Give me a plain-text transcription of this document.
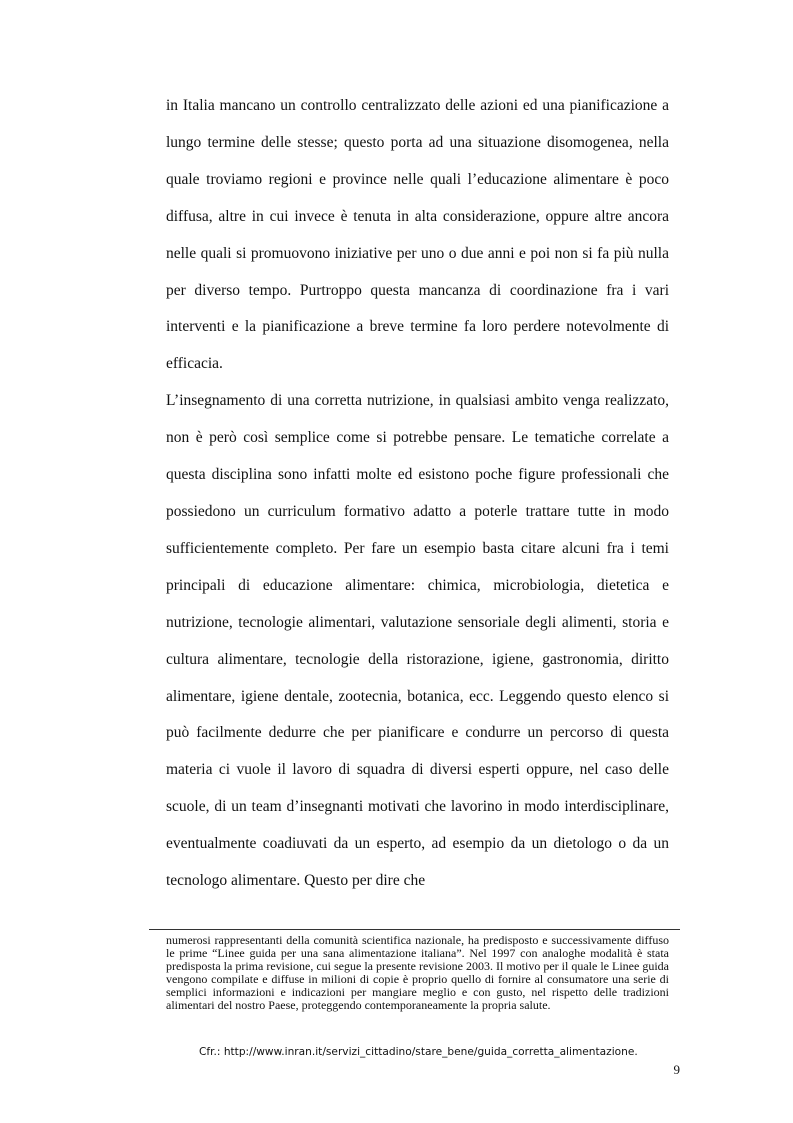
in Italia mancano un controllo centralizzato delle azioni ed una pianificazione a lungo termine delle stesse; questo porta ad una situazione disomogenea, nella quale troviamo regioni e province nelle quali l’educazione alimentare è poco diffusa, altre in cui invece è tenuta in alta considerazione, oppure altre ancora nelle quali si promuovono iniziative per uno o due anni e poi non si fa più nulla per diverso tempo. Purtroppo questa mancanza di coordinazione fra i vari interventi e la pianificazione a breve termine fa loro perdere notevolmente di efficacia.

L’insegnamento di una corretta nutrizione, in qualsiasi ambito venga realizzato, non è però così semplice come si potrebbe pensare. Le tematiche correlate a questa disciplina sono infatti molte ed esistono poche figure professionali che possiedono un curriculum formativo adatto a poterle trattare tutte in modo sufficientemente completo. Per fare un esempio basta citare alcuni fra i temi principali di educazione alimentare: chimica, microbiologia, dietetica e nutrizione, tecnologie alimentari, valutazione sensoriale degli alimenti, storia e cultura alimentare, tecnologie della ristorazione, igiene, gastronomia, diritto alimentare, igiene dentale, zootecnia, botanica, ecc. Leggendo questo elenco si può facilmente dedurre che per pianificare e condurre un percorso di questa materia ci vuole il lavoro di squadra di diversi esperti oppure, nel caso delle scuole, di un team d’insegnanti motivati che lavorino in modo interdisciplinare, eventualmente coadiuvati da un esperto, ad esempio da un dietologo o da un tecnologo alimentare. Questo per dire che

numerosi rappresentanti della comunità scientifica nazionale, ha predisposto e successivamente diffuso le prime “Linee guida per una sana alimentazione italiana”. Nel 1997 con analoghe modalità è stata predisposta la prima revisione, cui segue la presente revisione 2003. Il motivo per il quale le Linee guida vengono compilate e diffuse in milioni di copie è proprio quello di fornire al consumatore una serie di semplici informazioni e indicazioni per mangiare meglio e con gusto, nel rispetto delle tradizioni alimentari del nostro Paese, proteggendo contemporaneamente la propria salute.

Cfr.: http://www.inran.it/servizi_cittadino/stare_bene/guida_corretta_alimentazione.
9
